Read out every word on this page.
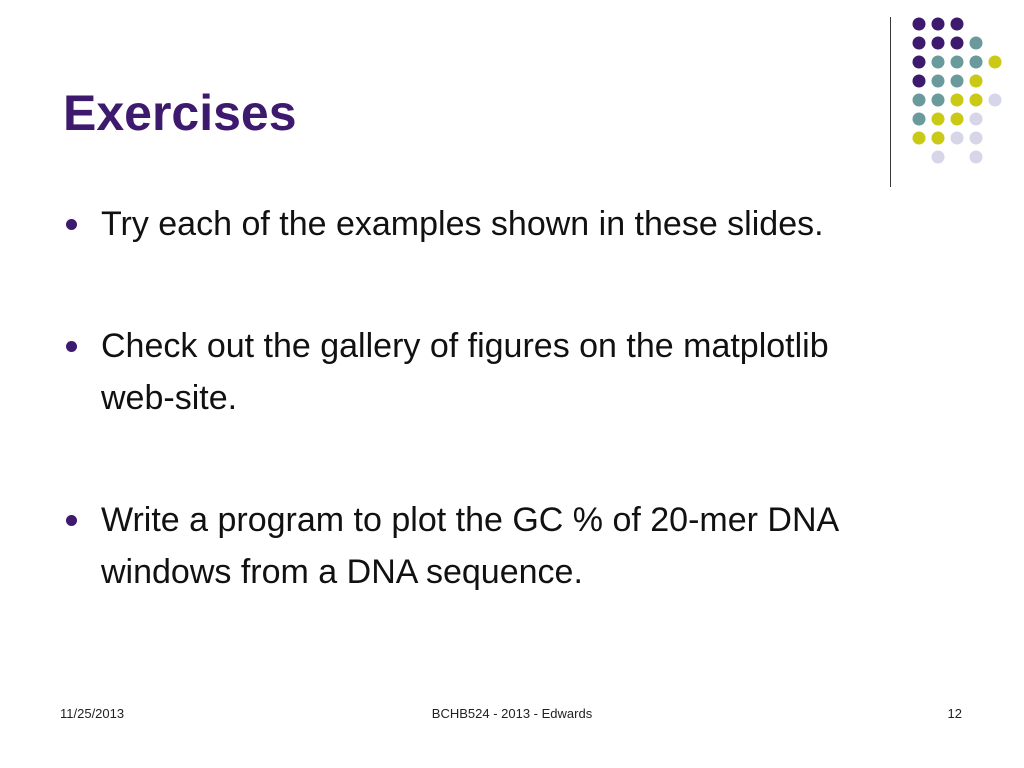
Exercises
Try each of the examples shown in these slides.
Check out the gallery of figures on the matplotlib web-site.
Write a program to plot the GC % of 20-mer DNA windows from a DNA sequence.
11/25/2013	BCHB524 - 2013 - Edwards	12
